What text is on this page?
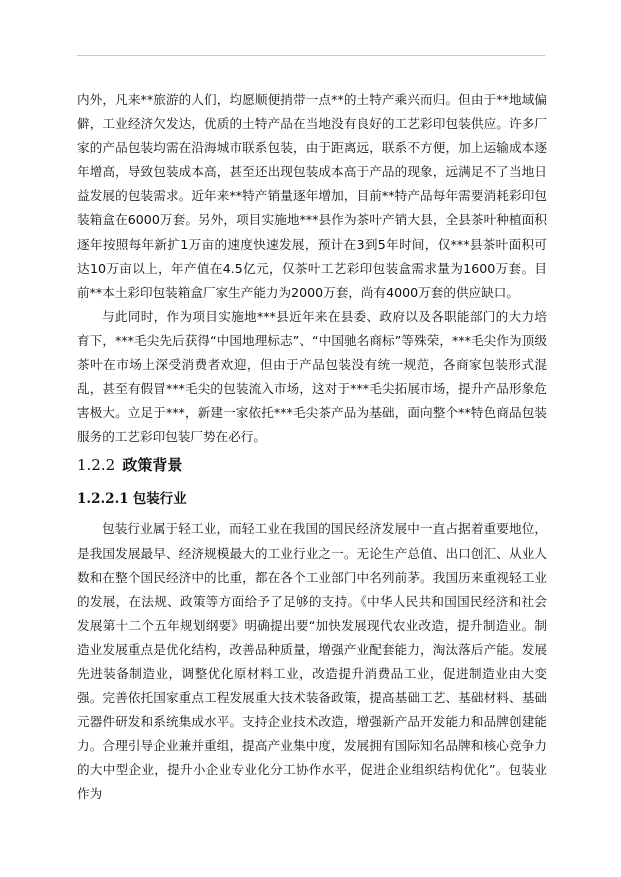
内外，凡来**旅游的人们，均愿顺便捎带一点**的土特产乘兴而归。但由于**地域偏僻，工业经济欠发达，优质的土特产品在当地没有良好的工艺彩印包装供应。许多厂家的产品包装均需在沿海城市联系包装，由于距离远，联系不方便，加上运输成本逐年增高，导致包装成本高，甚至还出现包装成本高于产品的现象，远满足不了当地日益发展的包装需求。近年来**特产销量逐年增加，目前**特产品每年需要消耗彩印包装箱盒在6000万套。另外，项目实施地***县作为茶叶产销大县，全县茶叶种植面积逐年按照每年新扩1万亩的速度快速发展，预计在3到5年时间，仅***县茶叶面积可达10万亩以上，年产值在4.5亿元，仅茶叶工艺彩印包装盒需求量为1600万套。目前**本土彩印包装箱盒厂家生产能力为2000万套，尚有4000万套的供应缺口。

与此同时，作为项目实施地***县近年来在县委、政府以及各职能部门的大力培育下，***毛尖先后获得“中国地理标志”、“中国驰名商标”等殊荣，***毛尖作为顶级茶叶在市场上深受消费者欢迎，但由于产品包装没有统一规范，各商家包装形式混乱，甚至有假冒***毛尖的包装流入市场，这对于***毛尖拓展市场，提升产品形象危害极大。立足于***，新建一家依托***毛尖茶产品为基础，面向整个**特色商品包装服务的工艺彩印包装厂势在必行。

1.2.2 政策背景
1.2.2.1 包装行业

包装行业属于轻工业，而轻工业在我国的国民经济发展中一直占据着重要地位，是我国发展最早、经济规模最大的工业行业之一。无论生产总值、出口创汇、从业人数和在整个国民经济中的比重，都在各个工业部门中名列前茅。我国历来重视轻工业的发展，在法规、政策等方面给予了足够的支持。《中华人民共和国国民经济和社会发展第十二个五年规划纲要》明确提出要“加快发展现代农业改造，提升制造业。制造业发展重点是优化结构，改善品种质量，增强产业配套能力，淘汰落后产能。发展先进装备制造业，调整优化原材料工业，改造提升消费品工业，促进制造业由大变强。完善依托国家重点工程发展重大技术装备政策，提高基础工艺、基础材料、基础元器件研发和系统集成水平。支持企业技术改造，增强新产品开发能力和品牌创建能力。合理引导企业兼并重组，提高产业集中度，发展拥有国际知名品牌和核心竞争力的大中型企业，提升小企业专业化分工协作水平，促进企业组织结构优化”。包装业作为
